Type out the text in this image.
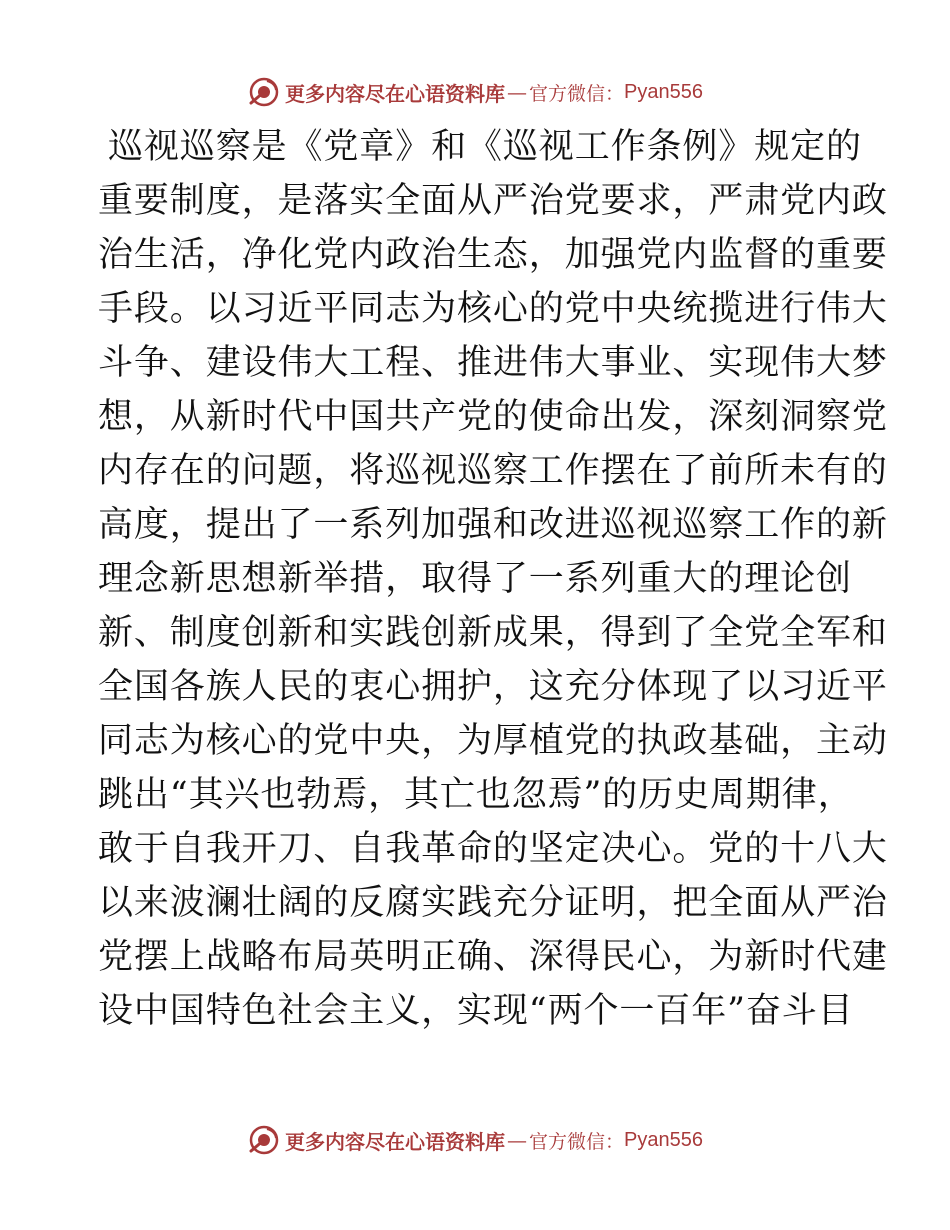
更多内容尽在心语资料库 — 官方微信： Pyan556
巡视巡察是《党章》和《巡视工作条例》规定的
重要制度，是落实全面从严治党要求，严肃党内政
治生活，净化党内政治生态，加强党内监督的重要
手段。以习近平同志为核心的党中央统揽进行伟大
斗争、建设伟大工程、推进伟大事业、实现伟大梦
想，从新时代中国共产党的使命出发，深刻洞察党
内存在的问题，将巡视巡察工作摆在了前所未有的
高度，提出了一系列加强和改进巡视巡察工作的新
理念新思想新举措，取得了一系列重大的理论创
新、制度创新和实践创新成果，得到了全党全军和
全国各族人民的衷心拥护，这充分体现了以习近平
同志为核心的党中央，为厚植党的执政基础，主动
跳出“其兴也勃焉，其亡也忽焉”的历史周期律，
敢于自我开刀、自我革命的坚定决心。党的十八大
以来波澜壮阔的反腐实践充分证明，把全面从严治
党摆上战略布局英明正确、深得民心，为新时代建
设中国特色社会主义，实现“两个一百年”奋斗目
更多内容尽在心语资料库 — 官方微信： Pyan556
